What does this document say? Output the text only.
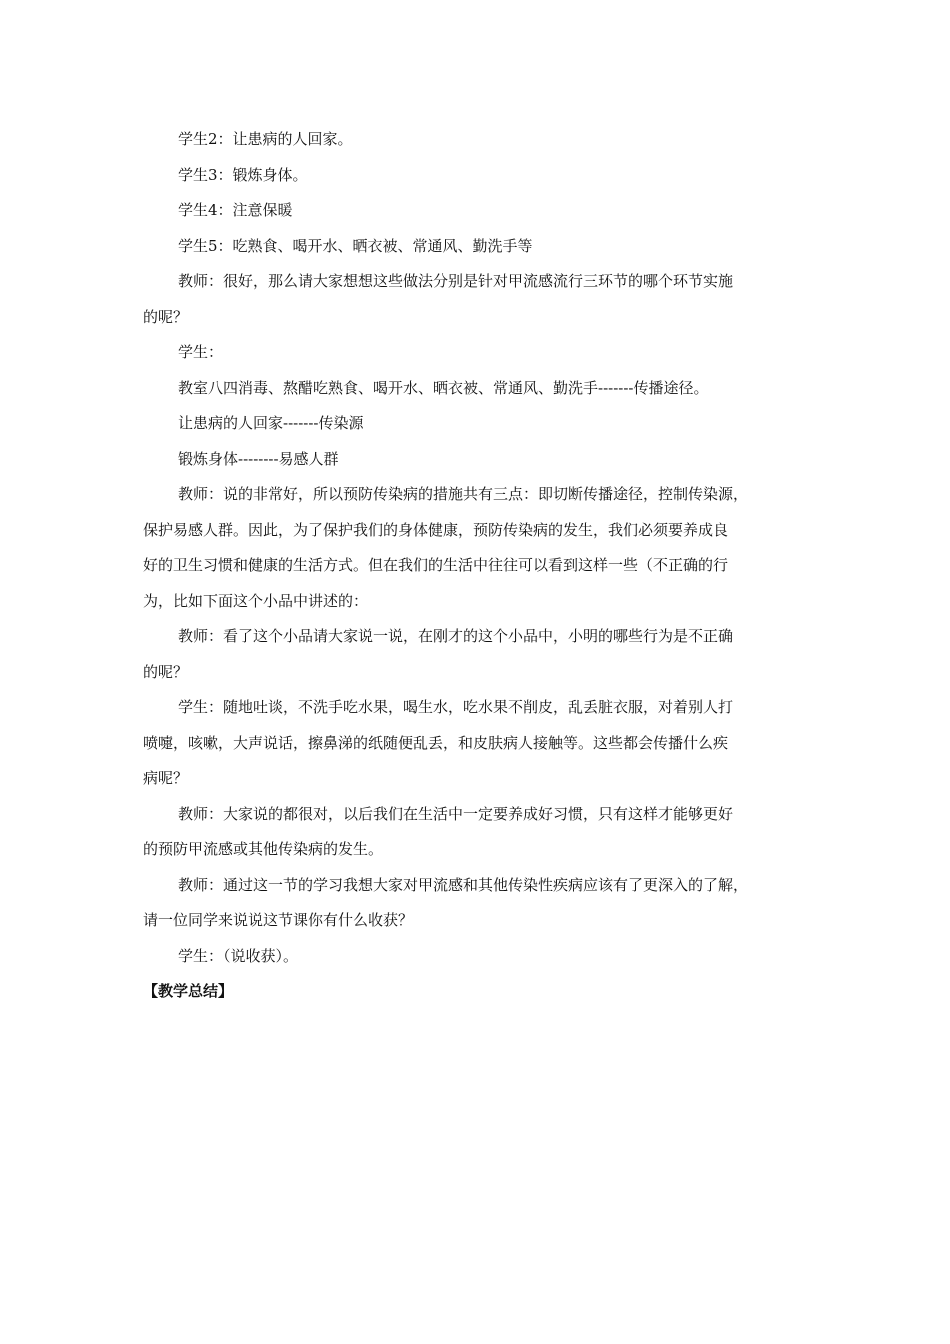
学生2：让患病的人回家。

学生3：锻炼身体。

学生4：注意保暖

学生5：吃熟食、喝开水、晒衣被、常通风、勤洗手等

教师：很好，那么请大家想想这些做法分别是针对甲流感流行三环节的哪个环节实施

的呢？

学生：

教室八四消毒、熬醋吃熟食、喝开水、晒衣被、常通风、勤洗手-------传播途径。

让患病的人回家-------传染源

锻炼身体--------易感人群

教师：说的非常好，所以预防传染病的措施共有三点：即切断传播途径，控制传染源，

保护易感人群。因此，为了保护我们的身体健康，预防传染病的发生，我们必须要养成良

好的卫生习惯和健康的生活方式。但在我们的生活中往往可以看到这样一些（不正确的行

为，比如下面这个小品中讲述的：

教师：看了这个小品请大家说一说，在刚才的这个小品中，小明的哪些行为是不正确

的呢？

学生：随地吐谈，不洗手吃水果，喝生水，吃水果不削皮，乱丢脏衣服，对着别人打

喷嚏，咳嗽，大声说话，擦鼻涕的纸随便乱丢，和皮肤病人接触等。这些都会传播什么疾

病呢？

教师：大家说的都很对，以后我们在生活中一定要养成好习惯，只有这样才能够更好

的预防甲流感或其他传染病的发生。

教师：通过这一节的学习我想大家对甲流感和其他传染性疾病应该有了更深入的了解，

请一位同学来说说这节课你有什么收获？

学生：（说收获）。

【教学总结】
